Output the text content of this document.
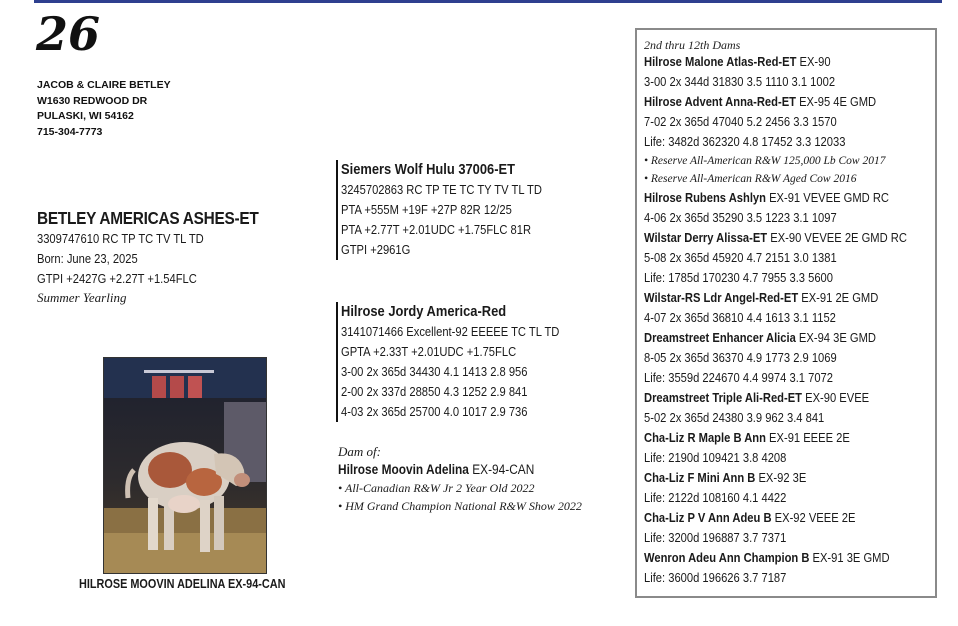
26
JACOB & CLAIRE BETLEY
W1630 REDWOOD DR
PULASKI, WI 54162
715-304-7773
BETLEY AMERICAS ASHES-ET
3309747610 RC TP TC TV TL TD
Born: June 23, 2025
GTPI +2427G +2.27T +1.54FLC
Summer Yearling
HILROSE MOOVIN ADELINA EX-94-CAN
Siemers Wolf Hulu 37006-ET
3245702863 RC TP TE TC TY TV TL TD
PTA +555M +19F +27P 82R 12/25
PTA +2.77T +2.01UDC +1.75FLC 81R
GTPI +2961G
Hilrose Jordy America-Red
3141071466 Excellent-92 EEEEE TC TL TD
GPTA +2.33T +2.01UDC +1.75FLC
3-00 2x 365d 34430 4.1 1413 2.8 956
2-00 2x 337d 28850 4.3 1252 2.9 841
4-03 2x 365d 25700 4.0 1017 2.9 736
Dam of:
Hilrose Moovin Adelina EX-94-CAN
• All-Canadian R&W Jr 2 Year Old 2022
• HM Grand Champion National R&W Show 2022
2nd thru 12th Dams
Hilrose Malone Atlas-Red-ET EX-90
3-00 2x 344d 31830 3.5 1110 3.1 1002
Hilrose Advent Anna-Red-ET EX-95 4E GMD
7-02 2x 365d 47040 5.2 2456 3.3 1570
Life: 3482d 362320 4.8 17452 3.3 12033
• Reserve All-American R&W 125,000 Lb Cow 2017
• Reserve All-American R&W Aged Cow 2016
Hilrose Rubens Ashlyn EX-91 VEVEE GMD RC
4-06 2x 365d 35290 3.5 1223 3.1 1097
Wilstar Derry Alissa-ET EX-90 VEVEE 2E GMD RC
5-08 2x 365d 45920 4.7 2151 3.0 1381
Life: 1785d 170230 4.7 7955 3.3 5600
Wilstar-RS Ldr Angel-Red-ET EX-91 2E GMD
4-07 2x 365d 36810 4.4 1613 3.1 1152
Dreamstreet Enhancer Alicia EX-94 3E GMD
8-05 2x 365d 36370 4.9 1773 2.9 1069
Life: 3559d 224670 4.4 9974 3.1 7072
Dreamstreet Triple Ali-Red-ET EX-90 EVEE
5-02 2x 365d 24380 3.9 962 3.4 841
Cha-Liz R Maple B Ann EX-91 EEEE 2E
Life: 2190d 109421 3.8 4208
Cha-Liz F Mini Ann B EX-92 3E
Life: 2122d 108160 4.1 4422
Cha-Liz P V Ann Adeu B EX-92 VEEE 2E
Life: 3200d 196887 3.7 7371
Wenron Adeu Ann Champion B EX-91 3E GMD
Life: 3600d 196626 3.7 7187
